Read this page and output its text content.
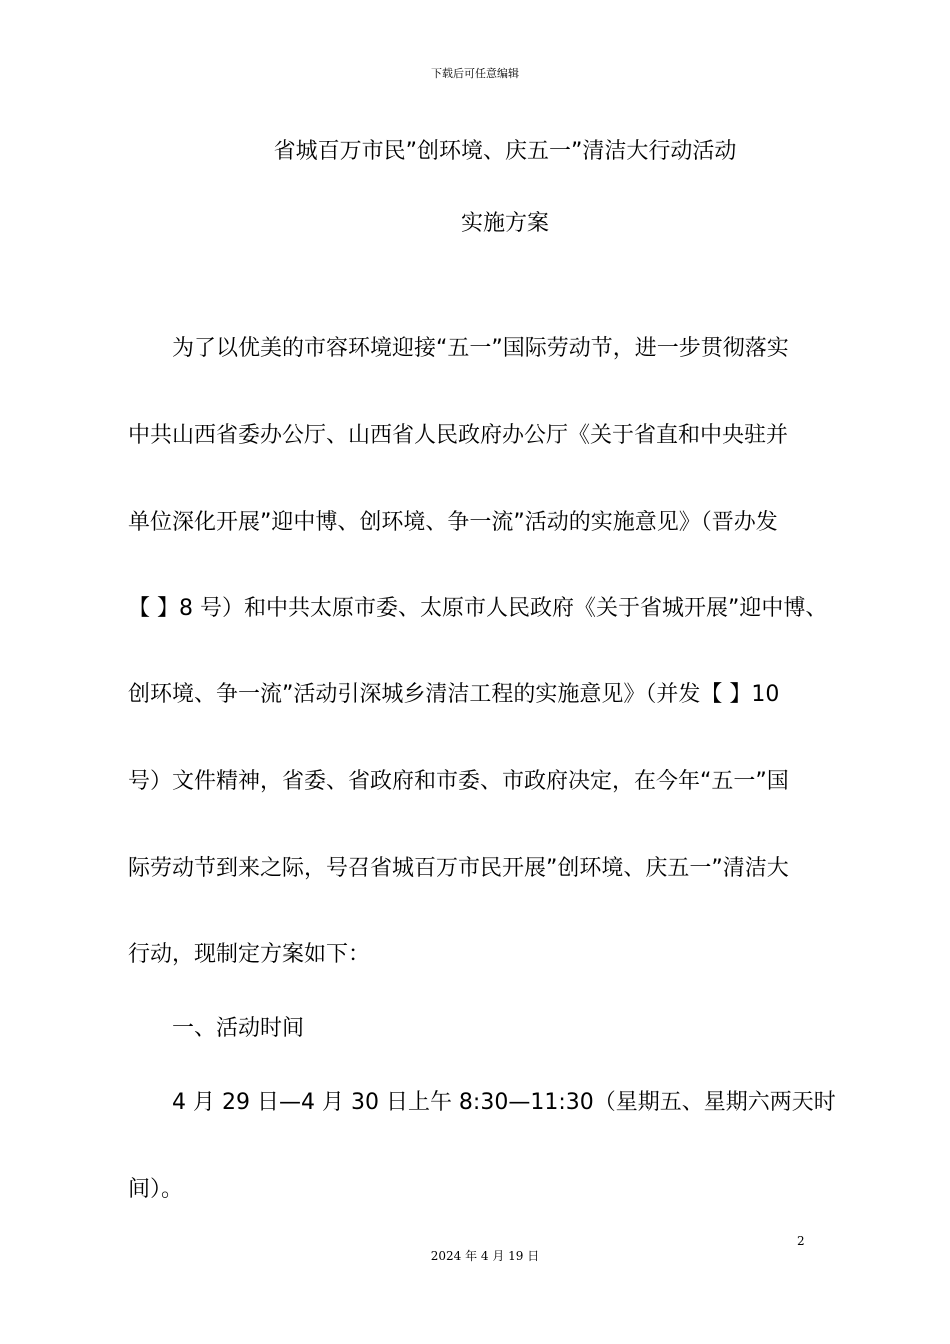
下载后可任意编辑
省城百万市民”创环境、庆五一”清洁大行动活动
实施方案
为了以优美的市容环境迎接“五一”国际劳动节，进一步贯彻落实
中共山西省委办公厅、山西省人民政府办公厅《关于省直和中央驻并
单位深化开展”迎中博、创环境、争一流”活动的实施意见》（晋办发
【 】8 号）和中共太原市委、太原市人民政府《关于省城开展”迎中博、
创环境、争一流”活动引深城乡清洁工程的实施意见》（并发【 】10
号）文件精神，省委、省政府和市委、市政府决定，在今年“五一”国
际劳动节到来之际，号召省城百万市民开展”创环境、庆五一”清洁大
行动，现制定方案如下：
一、活动时间
4 月 29 日—4 月 30 日上午 8:30—11:30（星期五、星期六两天时
间）。
2
2024 年 4 月 19 日
